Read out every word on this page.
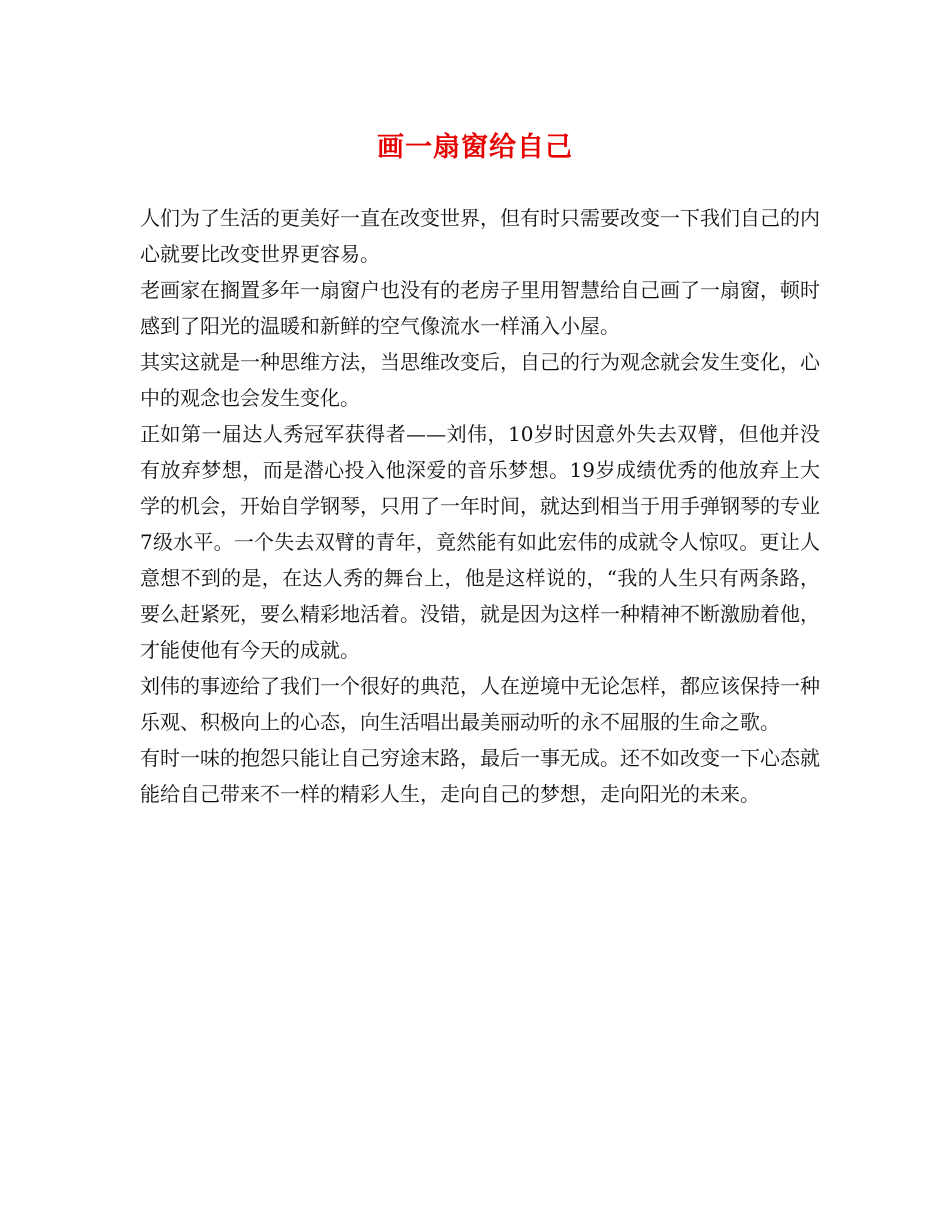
画一扇窗给自己

人们为了生活的更美好一直在改变世界，但有时只需要改变一下我们自己的内心就要比改变世界更容易。

老画家在搁置多年一扇窗户也没有的老房子里用智慧给自己画了一扇窗，顿时感到了阳光的温暖和新鲜的空气像流水一样涌入小屋。

其实这就是一种思维方法，当思维改变后，自己的行为观念就会发生变化，心中的观念也会发生变化。

正如第一届达人秀冠军获得者——刘伟，10岁时因意外失去双臂，但他并没有放弃梦想，而是潜心投入他深爱的音乐梦想。19岁成绩优秀的他放弃上大学的机会，开始自学钢琴，只用了一年时间，就达到相当于用手弹钢琴的专业7级水平。一个失去双臂的青年，竟然能有如此宏伟的成就令人惊叹。更让人意想不到的是，在达人秀的舞台上，他是这样说的，“我的人生只有两条路，要么赶紧死，要么精彩地活着。没错，就是因为这样一种精神不断激励着他，才能使他有今天的成就。

刘伟的事迹给了我们一个很好的典范，人在逆境中无论怎样，都应该保持一种乐观、积极向上的心态，向生活唱出最美丽动听的永不屈服的生命之歌。

有时一味的抱怨只能让自己穷途末路，最后一事无成。还不如改变一下心态就能给自己带来不一样的精彩人生，走向自己的梦想，走向阳光的未来。
